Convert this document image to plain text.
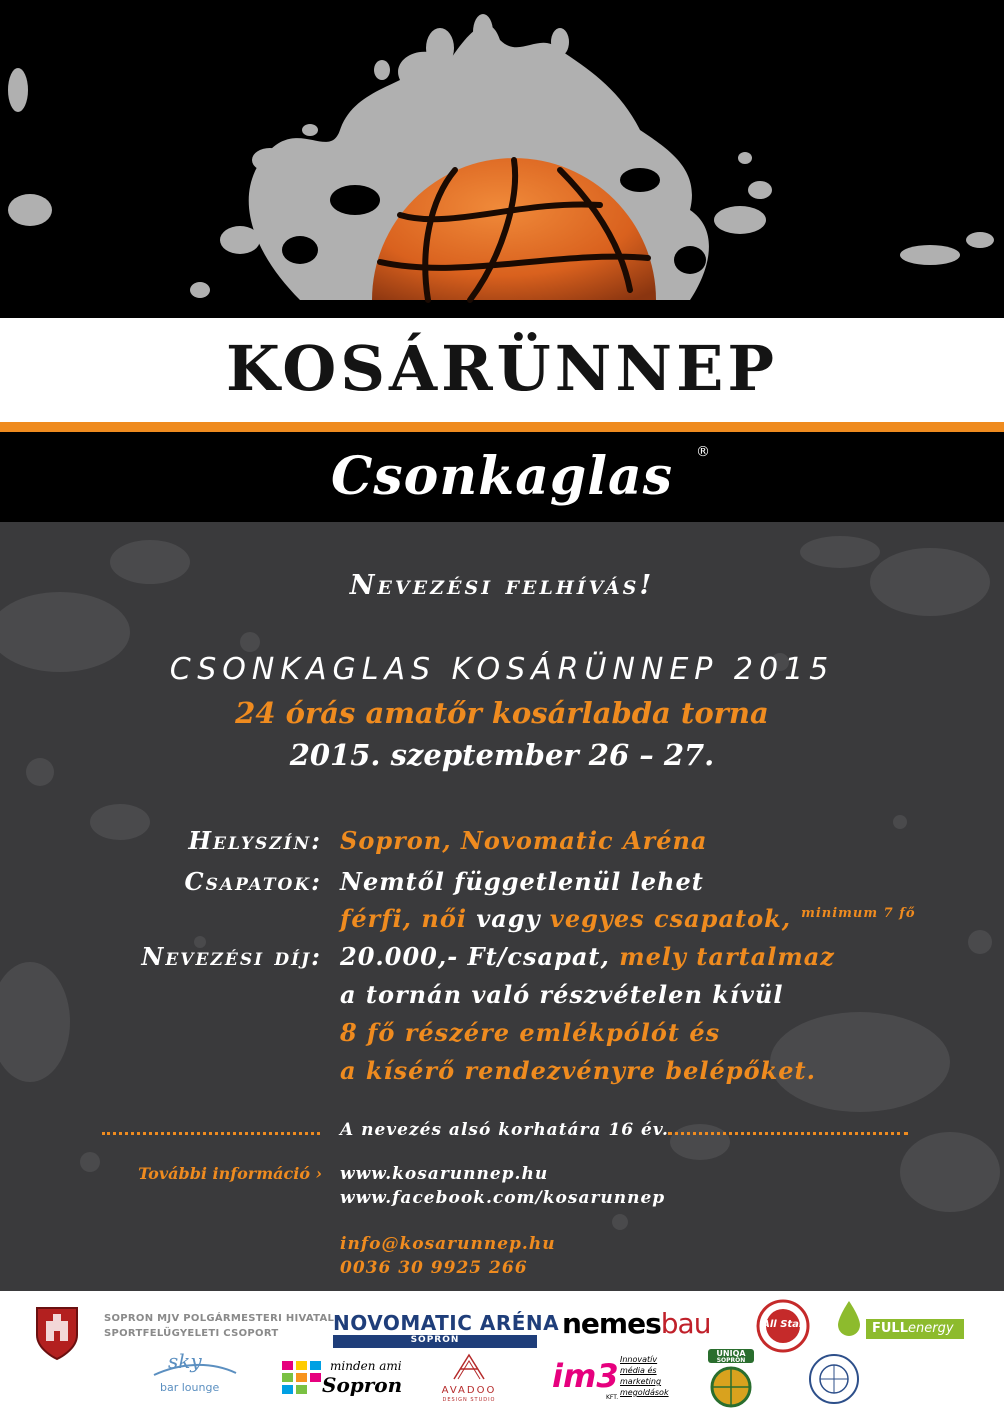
KOSÁRÜNNEP
Csonkaglas	®
Nevezési felhívás!
CSONKAGLAS KOSÁRÜNNEP 2015
24 órás amatőr kosárlabda torna
2015. szeptember 26 – 27.
Helyszín: Sopron, Novomatic Aréna
Csapatok: Nemtől függetlenül lehet
férfi, női vagy vegyes csapatok, $^{minimum 7 fő}$
Nevezési díj: 20.000,- Ft/csapat, mely tartalmaz
a tornán való részvételen kívül
8 fő részére emlékpólót és
a kísérő rendezvényre belépőket.
A nevezés alsó korhatára 16 év.
További információ › www.kosarunnep.hu
www.facebook.com/kosarunnep
info@kosarunnep.hu
0036 30 9925 266
SOPRON MJV POLGÁRMESTERI HIVATAL
SPORTFELÜGYELETI CSOPORT	NOVOMATIC ARÉNA
SOPRON	nemesbau	All Star	FULLenergy
sky
bar lounge
minden ami
Sopron	AVADOO
DESIGN STUDIO
im3
KFT.
Innovatív
média és
marketing
megoldások
UNIQA
SOPRON
